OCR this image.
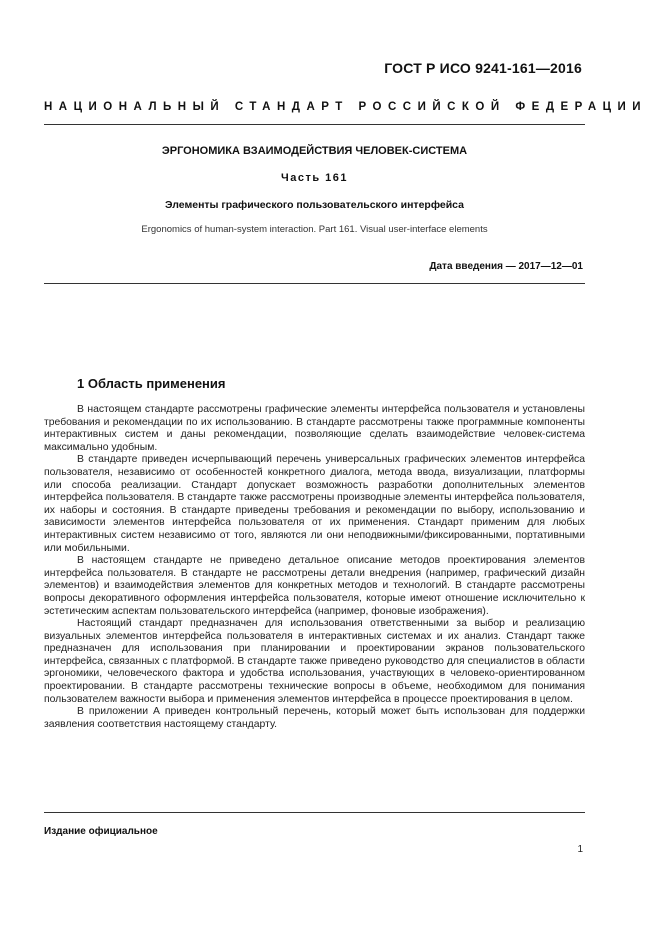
ГОСТ Р ИСО 9241-161—2016
НАЦИОНАЛЬНЫЙ СТАНДАРТ РОССИЙСКОЙ ФЕДЕРАЦИИ
ЭРГОНОМИКА ВЗАИМОДЕЙСТВИЯ ЧЕЛОВЕК-СИСТЕМА
Часть 161
Элементы графического пользовательского интерфейса
Ergonomics of human-system interaction. Part 161. Visual user-interface elements
Дата введения — 2017—12—01
1 Область применения

В настоящем стандарте рассмотрены графические элементы интерфейса пользователя и установлены требования и рекомендации по их использованию. В стандарте рассмотрены также программные компоненты интерактивных систем и даны рекомендации, позволяющие сделать взаимодействие человек-система максимально удобным.

В стандарте приведен исчерпывающий перечень универсальных графических элементов интерфейса пользователя, независимо от особенностей конкретного диалога, метода ввода, визуализации, платформы или способа реализации. Стандарт допускает возможность разработки дополнительных элементов интерфейса пользователя. В стандарте также рассмотрены производные элементы интерфейса пользователя, их наборы и состояния. В стандарте приведены требования и рекомендации по выбору, использованию и зависимости элементов интерфейса пользователя от их применения. Стандарт применим для любых интерактивных систем независимо от того, являются ли они неподвижными/фиксированными, портативными или мобильными.

В настоящем стандарте не приведено детальное описание методов проектирования элементов интерфейса пользователя. В стандарте не рассмотрены детали внедрения (например, графический дизайн элементов) и взаимодействия элементов для конкретных методов и технологий. В стандарте рассмотрены вопросы декоративного оформления интерфейса пользователя, которые имеют отношение исключительно к эстетическим аспектам пользовательского интерфейса (например, фоновые изображения).

Настоящий стандарт предназначен для использования ответственными за выбор и реализацию визуальных элементов интерфейса пользователя в интерактивных системах и их анализ. Стандарт также предназначен для использования при планировании и проектировании экранов пользовательского интерфейса, связанных с платформой. В стандарте также приведено руководство для специалистов в области эргономики, человеческого фактора и удобства использования, участвующих в человеко-ориентированном проектировании. В стандарте рассмотрены технические вопросы в объеме, необходимом для понимания пользователем важности выбора и применения элементов интерфейса в процессе проектирования в целом.

В приложении А приведен контрольный перечень, который может быть использован для поддержки заявления соответствия настоящему стандарту.

Издание официальное
1
